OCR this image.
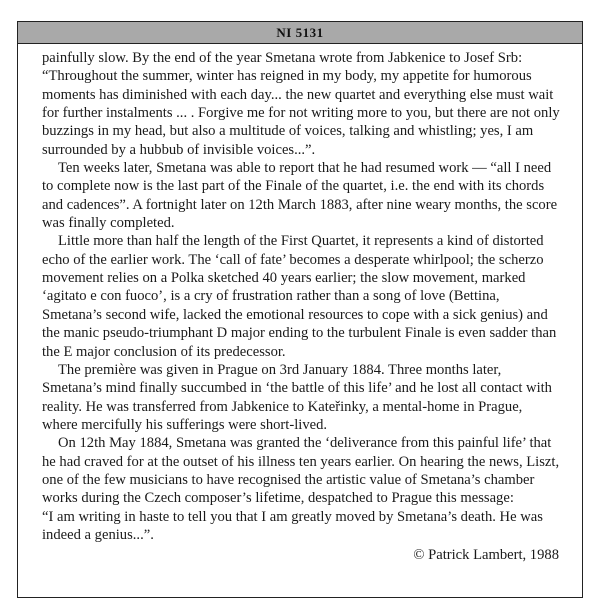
NI 5131

painfully slow. By the end of the year Smetana wrote from Jabkenice to Josef Srb: “Throughout the summer, winter has reigned in my body, my appetite for humorous moments has diminished with each day... the new quartet and everything else must wait for further instalments ... . Forgive me for not writing more to you, but there are not only buzzings in my head, but also a multitude of voices, talking and whistling; yes, I am surrounded by a hubbub of invisible voices...”.

Ten weeks later, Smetana was able to report that he had resumed work — “all I need to complete now is the last part of the Finale of the quartet, i.e. the end with its chords and cadences”. A fortnight later on 12th March 1883, after nine weary months, the score was finally completed.

Little more than half the length of the First Quartet, it represents a kind of distorted echo of the earlier work. The ‘call of fate’ becomes a desperate whirlpool; the scherzo movement relies on a Polka sketched 40 years earlier; the slow movement, marked ‘agitato e con fuoco’, is a cry of frustration rather than a song of love (Bettina, Smetana’s second wife, lacked the emotional resources to cope with a sick genius) and the manic pseudo-triumphant D major ending to the turbulent Finale is even sadder than the E major conclusion of its predecessor.

The première was given in Prague on 3rd January 1884. Three months later, Smetana’s mind finally succumbed in ‘the battle of this life’ and he lost all contact with reality. He was transferred from Jabkenice to Kateřinky, a mental-home in Prague, where mercifully his sufferings were short-lived.

On 12th May 1884, Smetana was granted the ‘deliverance from this painful life’ that he had craved for at the outset of his illness ten years earlier. On hearing the news, Liszt, one of the few musicians to have recognised the artistic value of Smetana’s chamber works during the Czech composer’s lifetime, despatched to Prague this message:

“I am writing in haste to tell you that I am greatly moved by Smetana’s death. He was indeed a genius...”.

© Patrick Lambert, 1988
